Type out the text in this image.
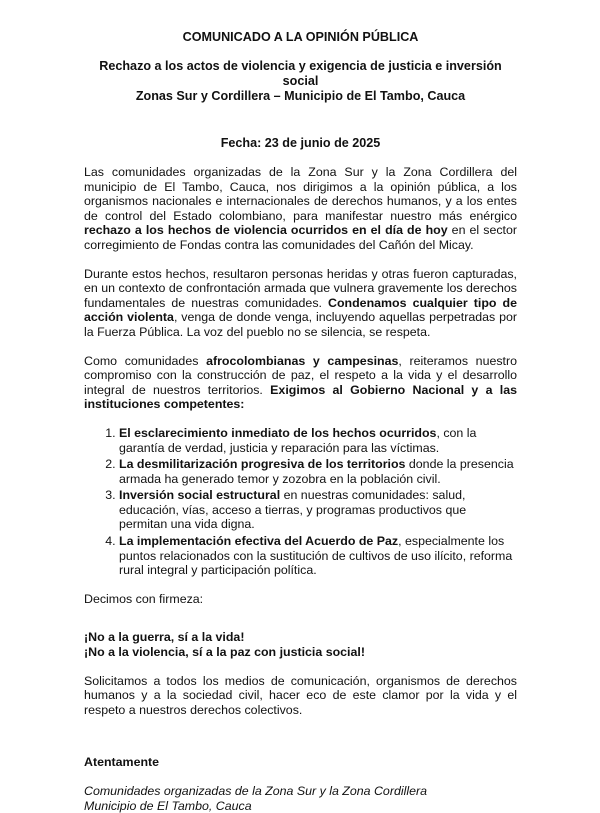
COMUNICADO A LA OPINIÓN PÚBLICA
Rechazo a los actos de violencia y exigencia de justicia e inversión social
Zonas Sur y Cordillera – Municipio de El Tambo, Cauca
Fecha: 23 de junio de 2025

Las comunidades organizadas de la Zona Sur y la Zona Cordillera del municipio de El Tambo, Cauca, nos dirigimos a la opinión pública, a los organismos nacionales e internacionales de derechos humanos, y a los entes de control del Estado colombiano, para manifestar nuestro más enérgico rechazo a los hechos de violencia ocurridos en el día de hoy en el sector corregimiento de Fondas contra las comunidades del Cañón del Micay.

Durante estos hechos, resultaron personas heridas y otras fueron capturadas, en un contexto de confrontación armada que vulnera gravemente los derechos fundamentales de nuestras comunidades. Condenamos cualquier tipo de acción violenta, venga de donde venga, incluyendo aquellas perpetradas por la Fuerza Pública. La voz del pueblo no se silencia, se respeta.

Como comunidades afrocolombianas y campesinas, reiteramos nuestro compromiso con la construcción de paz, el respeto a la vida y el desarrollo integral de nuestros territorios. Exigimos al Gobierno Nacional y a las instituciones competentes:

1. El esclarecimiento inmediato de los hechos ocurridos, con la garantía de verdad, justicia y reparación para las víctimas.
2. La desmilitarización progresiva de los territorios donde la presencia armada ha generado temor y zozobra en la población civil.
3. Inversión social estructural en nuestras comunidades: salud, educación, vías, acceso a tierras, y programas productivos que permitan una vida digna.
4. La implementación efectiva del Acuerdo de Paz, especialmente los puntos relacionados con la sustitución de cultivos de uso ilícito, reforma rural integral y participación política.

Decimos con firmeza:

¡No a la guerra, sí a la vida!
¡No a la violencia, sí a la paz con justicia social!

Solicitamos a todos los medios de comunicación, organismos de derechos humanos y a la sociedad civil, hacer eco de este clamor por la vida y el respeto a nuestros derechos colectivos.

Atentamente
Comunidades organizadas de la Zona Sur y la Zona Cordillera
Municipio de El Tambo, Cauca
